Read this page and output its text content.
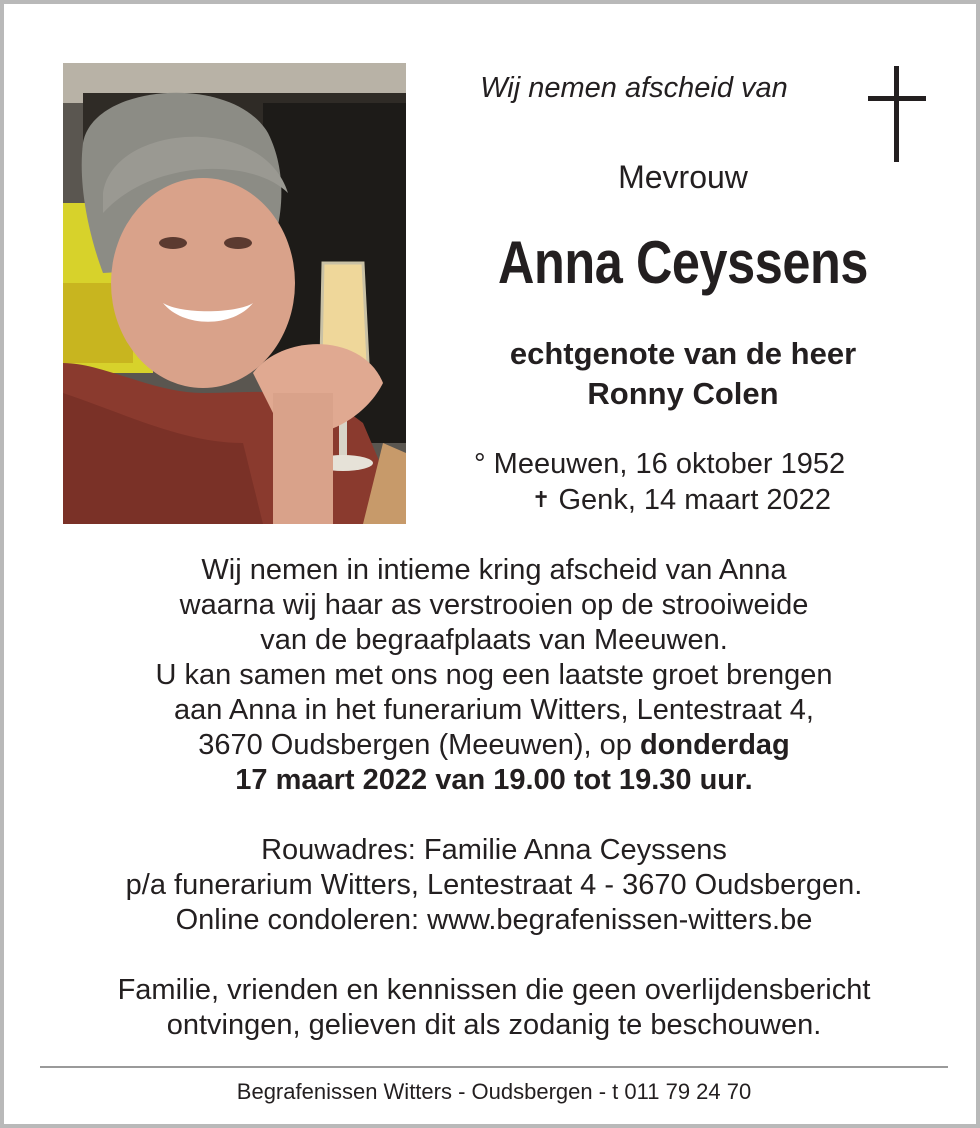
Wij nemen afscheid van
Mevrouw
Anna Ceyssens
echtgenote van de heer
Ronny Colen
° Meeuwen, 16 oktober 1952
✝ Genk, 14 maart 2022
Wij nemen in intieme kring afscheid van Anna
waarna wij haar as verstrooien op de strooiweide
van de begraafplaats van Meeuwen.
U kan samen met ons nog een laatste groet brengen
aan Anna in het funerarium Witters, Lentestraat 4,
3670 Oudsbergen (Meeuwen), op donderdag
17 maart 2022 van 19.00 tot 19.30 uur.
Rouwadres: Familie Anna Ceyssens
p/a funerarium Witters, Lentestraat 4 - 3670 Oudsbergen.
Online condoleren: www.begrafenissen-witters.be
Familie, vrienden en kennissen die geen overlijdensbericht
ontvingen, gelieven dit als zodanig te beschouwen.
Begrafenissen Witters - Oudsbergen - t 011 79 24 70
